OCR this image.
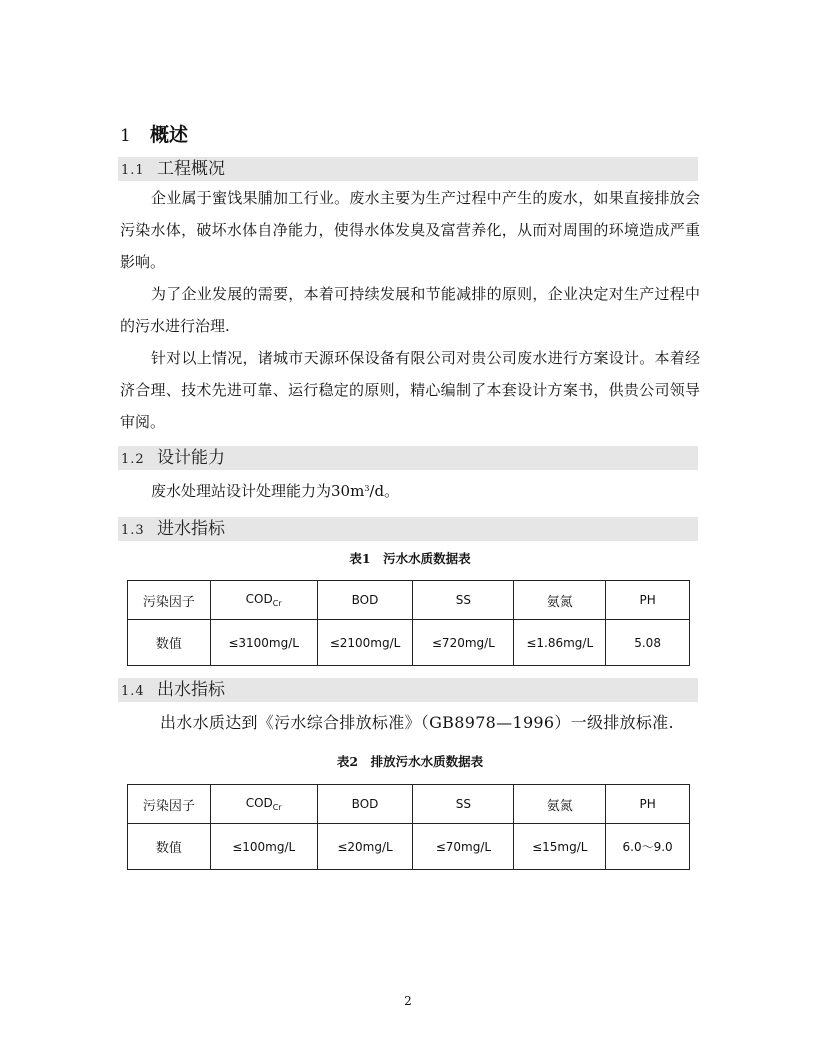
1 概述
1.1 工程概况

企业属于蜜饯果脯加工行业。废水主要为生产过程中产生的废水，如果直接排放会污染水体，破坏水体自净能力，使得水体发臭及富营养化，从而对周围的环境造成严重影响。

为了企业发展的需要，本着可持续发展和节能减排的原则，企业决定对生产过程中的污水进行治理.

针对以上情况，诸城市天源环保设备有限公司对贵公司废水进行方案设计。本着经济合理、技术先进可靠、运行稳定的原则，精心编制了本套设计方案书，供贵公司领导审阅。

1.2 设计能力
废水处理站设计处理能力为$30m^3/d$。
1.3 进水指标
表1　污水水质数据表
污染因子	$COD_{Cr}$	BOD	SS	氨氮	PH
数值	≤3100mg/L	≤2100mg/L	≤720mg/L	≤1.86mg/L	5.08
1.4 出水指标
出水水质达到《污水综合排放标准》（GB8978—1996）一级排放标准.
表2　排放污水水质数据表
污染因子	$COD_{Cr}$	BOD	SS	氨氮	PH
数值	≤100mg/L	≤20mg/L	≤70mg/L	≤15mg/L	6.0～9.0
2
